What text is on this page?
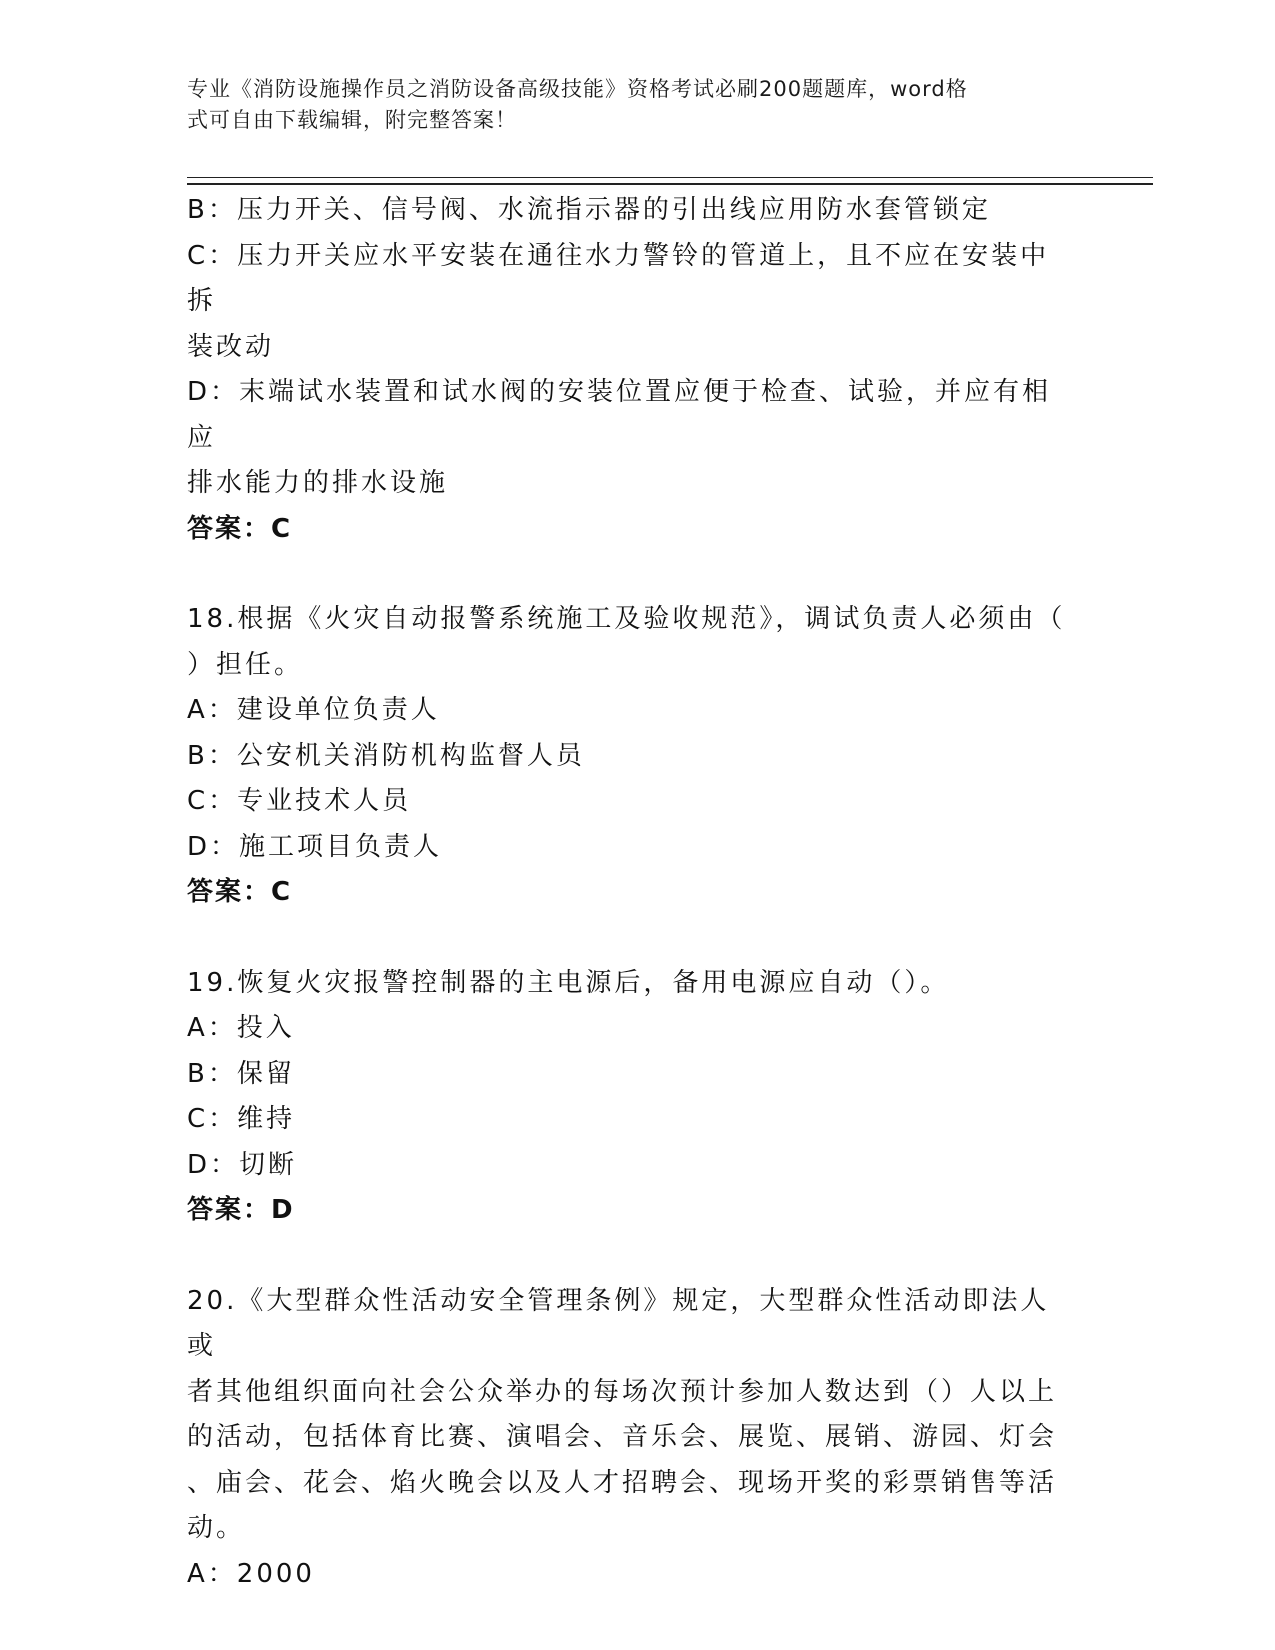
专业《消防设施操作员之消防设备高级技能》资格考试必刷200题题库，word格
式可自由下载编辑，附完整答案！
B：压力开关、信号阀、水流指示器的引出线应用防水套管锁定
C：压力开关应水平安装在通往水力警铃的管道上，且不应在安装中拆
装改动
D：末端试水装置和试水阀的安装位置应便于检查、试验，并应有相应
排水能力的排水设施
答案：C
18.根据《火灾自动报警系统施工及验收规范》，调试负责人必须由（
）担任。
A：建设单位负责人
B：公安机关消防机构监督人员
C：专业技术人员
D：施工项目负责人
答案：C
19.恢复火灾报警控制器的主电源后，备用电源应自动（）。
A：投入
B：保留
C：维持
D：切断
答案：D
20.《大型群众性活动安全管理条例》规定，大型群众性活动即法人或
者其他组织面向社会公众举办的每场次预计参加人数达到（）人以上
的活动，包括体育比赛、演唱会、音乐会、展览、展销、游园、灯会
、庙会、花会、焰火晚会以及人才招聘会、现场开奖的彩票销售等活
动。
A：2000
